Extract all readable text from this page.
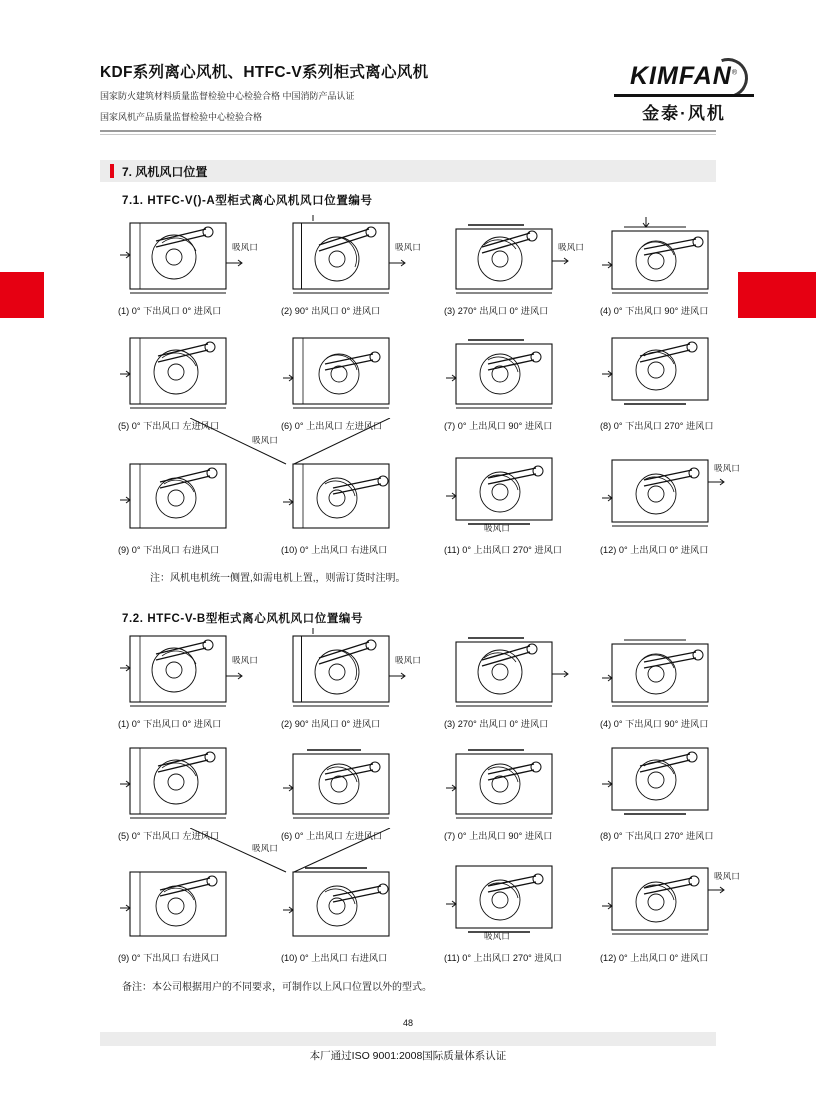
KDF系列离心风机、HTFC-V系列柜式离心风机
国家防火建筑材料质量监督检验中心检验合格 中国消防产品认证
国家风机产品质量监督检验中心检验合格
KIMFAN®
金泰·风机
7. 风机风口位置
7.1. HTFC-V()-A型柜式离心风机风口位置编号
7.2. HTFC-V-B型柜式离心风机风口位置编号
注：风机电机统一侧置,如需电机上置,，则需订货时注明。
备注：本公司根据用户的不同要求，可制作以上风口位置以外的型式。
48
本厂通过ISO 9001:2008国际质量体系认证
吸风口
(1) 0° 下出风口 0° 进风口
吸风口
(2) 90° 出风口 0° 进风口
吸风口
(3) 270° 出风口 0° 进风口	(4) 0° 下出风口 90° 进风口
(5) 0° 下出风口 左进风口	(6) 0° 上出风口 左进风口	(7) 0° 上出风口 90° 进风口	(8) 0° 下出风口 270° 进风口
吸风口
(9) 0° 下出风口 右进风口	(10) 0° 上出风口 右进风口
吸风口
(11) 0° 上出风口 270° 进风口
吸风口
(12) 0° 上出风口 0° 进风口
吸风口
(1) 0° 下出风口 0° 进风口
吸风口
(2) 90° 出风口 0° 进风口	(3) 270° 出风口 0° 进风口	(4) 0° 下出风口 90° 进风口
(5) 0° 下出风口 左进风口	(6) 0° 上出风口 左进风口	(7) 0° 上出风口 90° 进风口	(8) 0° 下出风口 270° 进风口
吸风口
(9) 0° 下出风口 右进风口	(10) 0° 上出风口 右进风口
吸风口
(11) 0° 上出风口 270° 进风口
吸风口
(12) 0° 上出风口 0° 进风口
